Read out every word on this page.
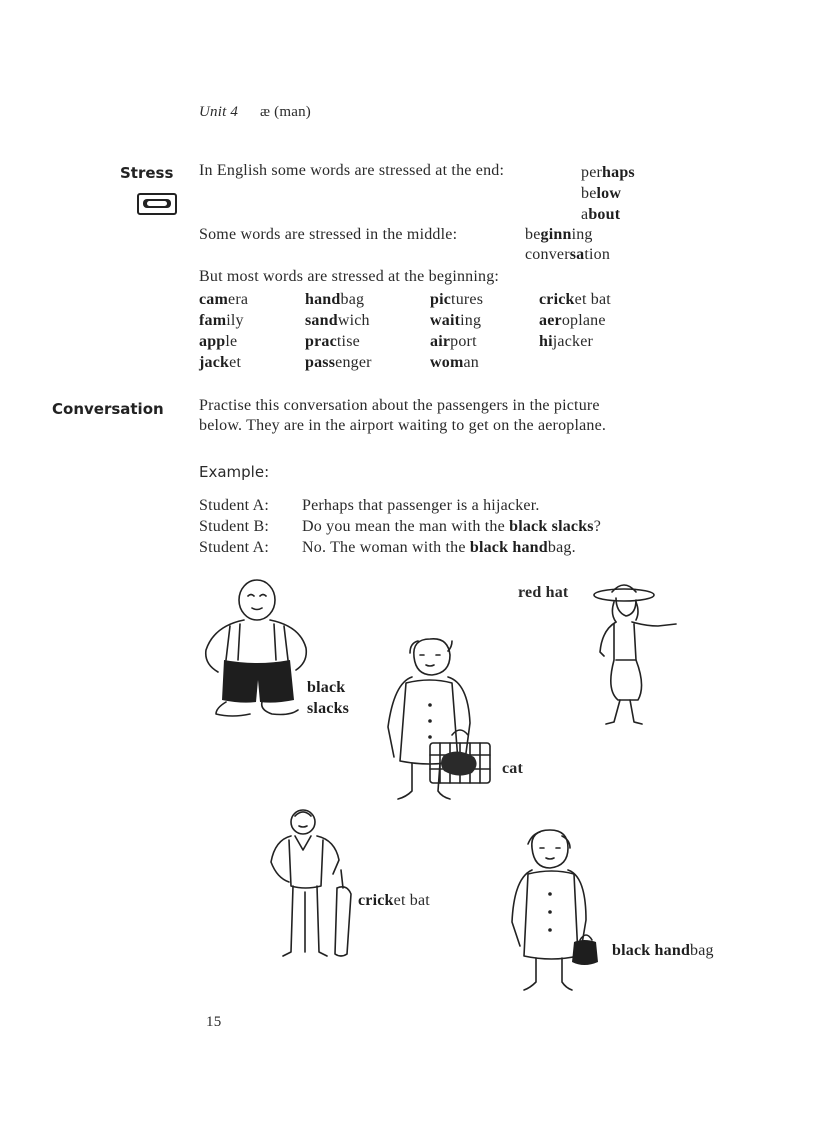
Unit 4 æ (man)
Stress In English some words are stressed at the end:	perhaps
below
about
Some words are stressed in the middle:	beginning
conversation
But most words are stressed at the beginning:
camera	handbag	pictures	cricket bat
family	sandwich	waiting	aeroplane
apple	practise	airport	hijacker
jacket	passenger	woman
Conversation Practise this conversation about the passengers in the picture
below. They are in the airport waiting to get on the aeroplane.
Example:
Student A: Perhaps that passenger is a hijacker.
Student B: Do you mean the man with the black slacks?
Student A: No. The woman with the black handbag.
black
slacks
cat
red hat
cricket bat
black handbag
15
